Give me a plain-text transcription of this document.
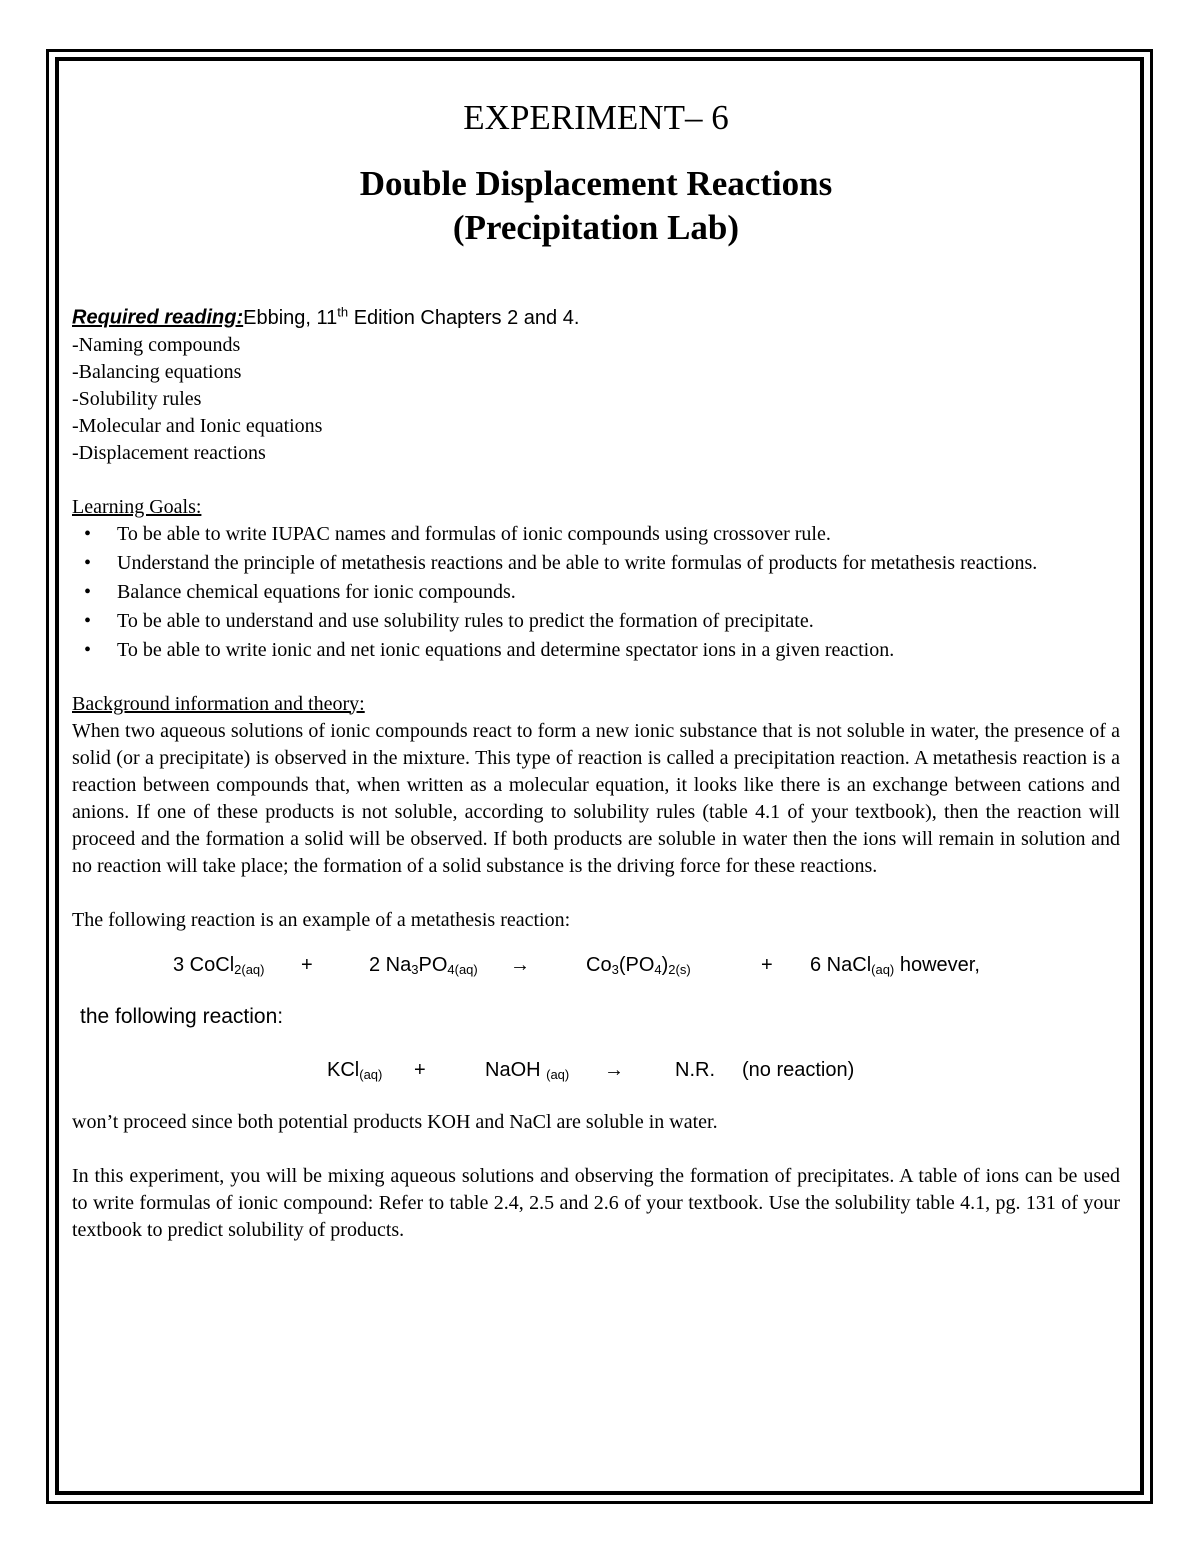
EXPERIMENT– 6
Double Displacement Reactions
(Precipitation Lab)
Required reading:Ebbing, 11th Edition Chapters 2 and 4.
-Naming compounds
-Balancing equations
-Solubility rules
-Molecular and Ionic equations
-Displacement reactions
Learning Goals:
• To be able to write IUPAC names and formulas of ionic compounds using crossover rule.
• Understand the principle of metathesis reactions and be able to write formulas of products for metathesis reactions.
• Balance chemical equations for ionic compounds.
• To be able to understand and use solubility rules to predict the formation of precipitate.
• To be able to write ionic and net ionic equations and determine spectator ions in a given reaction.
Background information and theory:
When two aqueous solutions of ionic compounds react to form a new ionic substance that is not soluble in water, the presence of a solid (or a precipitate) is observed in the mixture. This type of reaction is called a precipitation reaction. A metathesis reaction is a reaction between compounds that, when written as a molecular equation, it looks like there is an exchange between cations and anions. If one of these products is not soluble, according to solubility rules (table 4.1 of your textbook), then the reaction will proceed and the formation a solid will be observed. If both products are soluble in water then the ions will remain in solution and no reaction will take place; the formation of a solid substance is the driving force for these reactions.
The following reaction is an example of a metathesis reaction:
3 CoCl$_{2(aq)}$ +	2 $Na_3PO_{4(aq)}$ →	$Co_3(PO_4)_{2(s)}$	+ 6 NaCl$_{(aq)}$ however,
the following reaction:
KCl$_{(aq)}$ +	NaOH $_{(aq)}$ →	N.R. (no reaction)
won’t proceed since both potential products KOH and NaCl are soluble in water.
In this experiment, you will be mixing aqueous solutions and observing the formation of precipitates. A table of ions can be used to write formulas of ionic compound: Refer to table 2.4, 2.5 and 2.6 of your textbook. Use the solubility table 4.1, pg. 131 of your textbook to predict solubility of products.
